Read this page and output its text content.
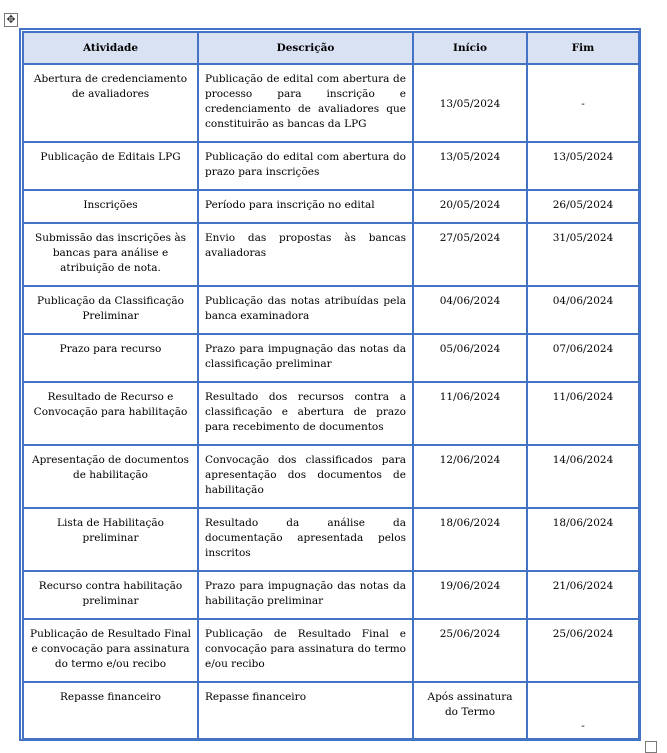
✥
Atividade	Descrição	Início	Fim
Abertura de credenciamento de avaliadores	Publicação de edital com abertura de processo para inscrição e credenciamento de avaliadores que constituirão as bancas da LPG	13/05/2024	-
Publicação de Editais LPG	Publicação do edital com abertura do prazo para inscrições	13/05/2024	13/05/2024
Inscrições	Período para inscrição no edital	20/05/2024	26/05/2024
Submissão das inscrições às bancas para análise e atribuição de nota.	Envio das propostas às bancas avaliadoras	27/05/2024	31/05/2024
Publicação da Classificação Preliminar	Publicação das notas atribuídas pela banca examinadora	04/06/2024	04/06/2024
Prazo para recurso	Prazo para impugnação das notas da classificação preliminar	05/06/2024	07/06/2024
Resultado de Recurso e Convocação para habilitação	Resultado dos recursos contra a classificação e abertura de prazo para recebimento de documentos	11/06/2024	11/06/2024
Apresentação de documentos de habilitação	Convocação dos classificados para apresentação dos documentos de habilitação	12/06/2024	14/06/2024
Lista de Habilitação preliminar	Resultado da análise da documentação apresentada pelos inscritos	18/06/2024	18/06/2024
Recurso contra habilitação preliminar	Prazo para impugnação das notas da habilitação preliminar	19/06/2024	21/06/2024
Publicação de Resultado Final e convocação para assinatura do termo e/ou recibo	Publicação de Resultado Final e convocação para assinatura do termo e/ou recibo	25/06/2024	25/06/2024
Repasse financeiro	Repasse financeiro	Após assinatura do Termo	-
